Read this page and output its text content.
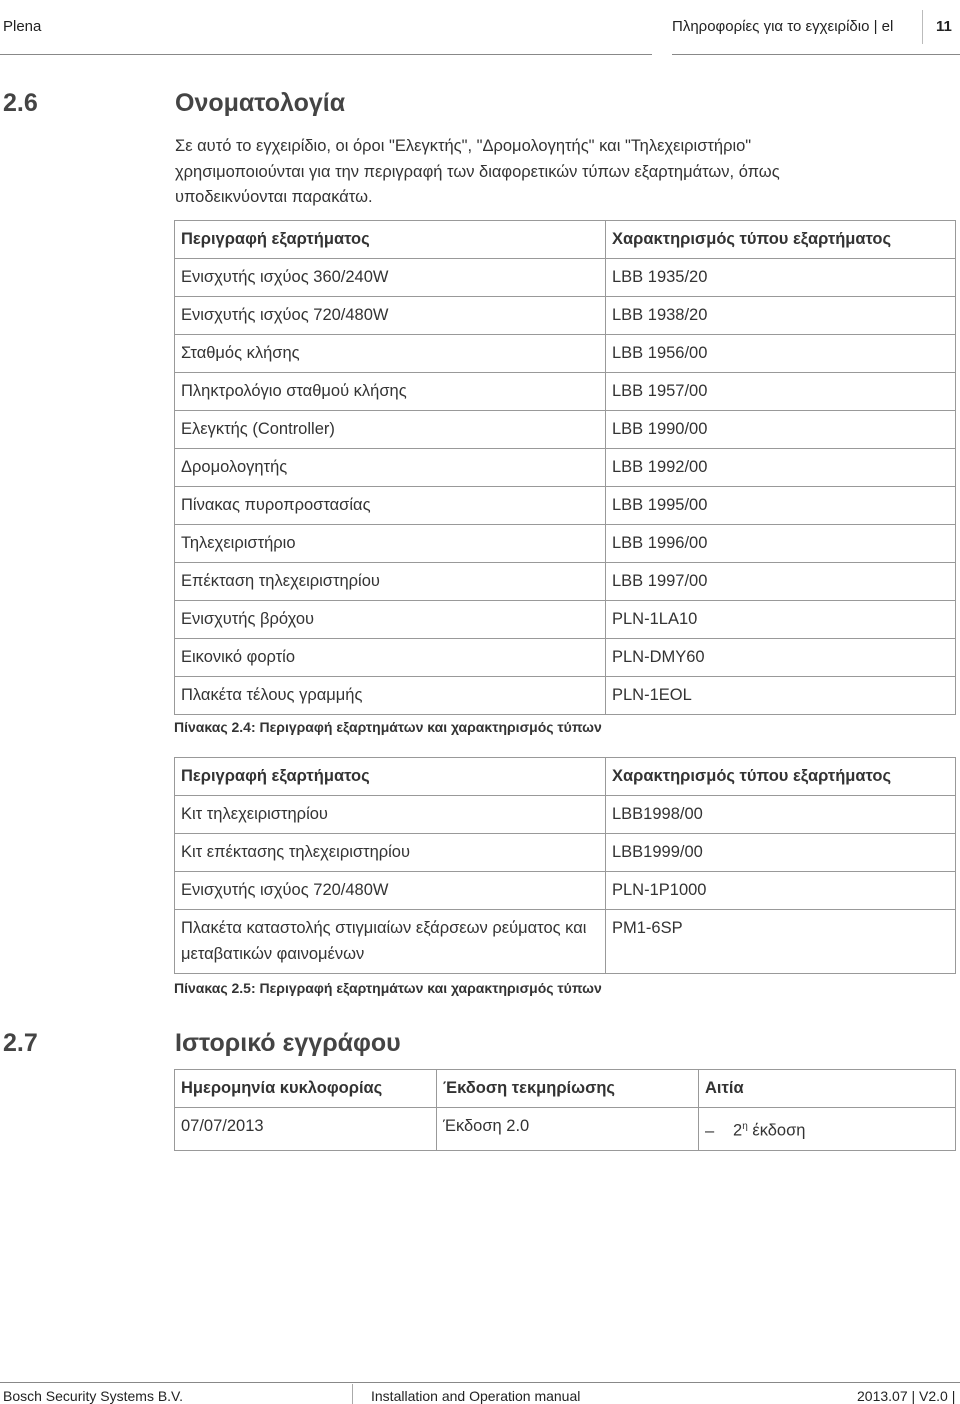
Plena	Πληροφορίες για το εγχειρίδιο | el	11
2.6	Ονοματολογία

Σε αυτό το εγχειρίδιο, οι όροι "Ελεγκτής", "Δρομολογητής" και "Τηλεχειριστήριο" χρησιμοποιούνται για την περιγραφή των διαφορετικών τύπων εξαρτημάτων, όπως υποδεικνύονται παρακάτω.

Περιγραφή εξαρτήματος	Χαρακτηρισμός τύπου εξαρτήματος
Ενισχυτής ισχύος 360/240W	LBB 1935/20
Ενισχυτής ισχύος 720/480W	LBB 1938/20
Σταθμός κλήσης	LBB 1956/00
Πληκτρολόγιο σταθμού κλήσης	LBB 1957/00
Ελεγκτής (Controller)	LBB 1990/00
Δρομολογητής	LBB 1992/00
Πίνακας πυροπροστασίας	LBB 1995/00
Τηλεχειριστήριο	LBB 1996/00
Επέκταση τηλεχειριστηρίου	LBB 1997/00
Ενισχυτής βρόχου	PLN-1LA10
Εικονικό φορτίο	PLN-DMY60
Πλακέτα τέλους γραμμής	PLN-1EOL
Πίνακας 2.4: Περιγραφή εξαρτημάτων και χαρακτηρισμός τύπων
Περιγραφή εξαρτήματος	Χαρακτηρισμός τύπου εξαρτήματος
Κιτ τηλεχειριστηρίου	LBB1998/00
Κιτ επέκτασης τηλεχειριστηρίου	LBB1999/00
Ενισχυτής ισχύος 720/480W	PLN-1P1000
Πλακέτα καταστολής στιγμιαίων εξάρσεων ρεύματος και μεταβατικών φαινομένων	PM1-6SP
Πίνακας 2.5: Περιγραφή εξαρτημάτων και χαρακτηρισμός τύπων
2.7	Ιστορικό εγγράφου
Ημερομηνία κυκλοφορίας	Έκδοση τεκμηρίωσης	Αιτία
07/07/2013	Έκδοση 2.0	– $2^\eta$ έκδοση
Bosch Security Systems B.V.	Installation and Operation manual	2013.07 | V2.0 |
